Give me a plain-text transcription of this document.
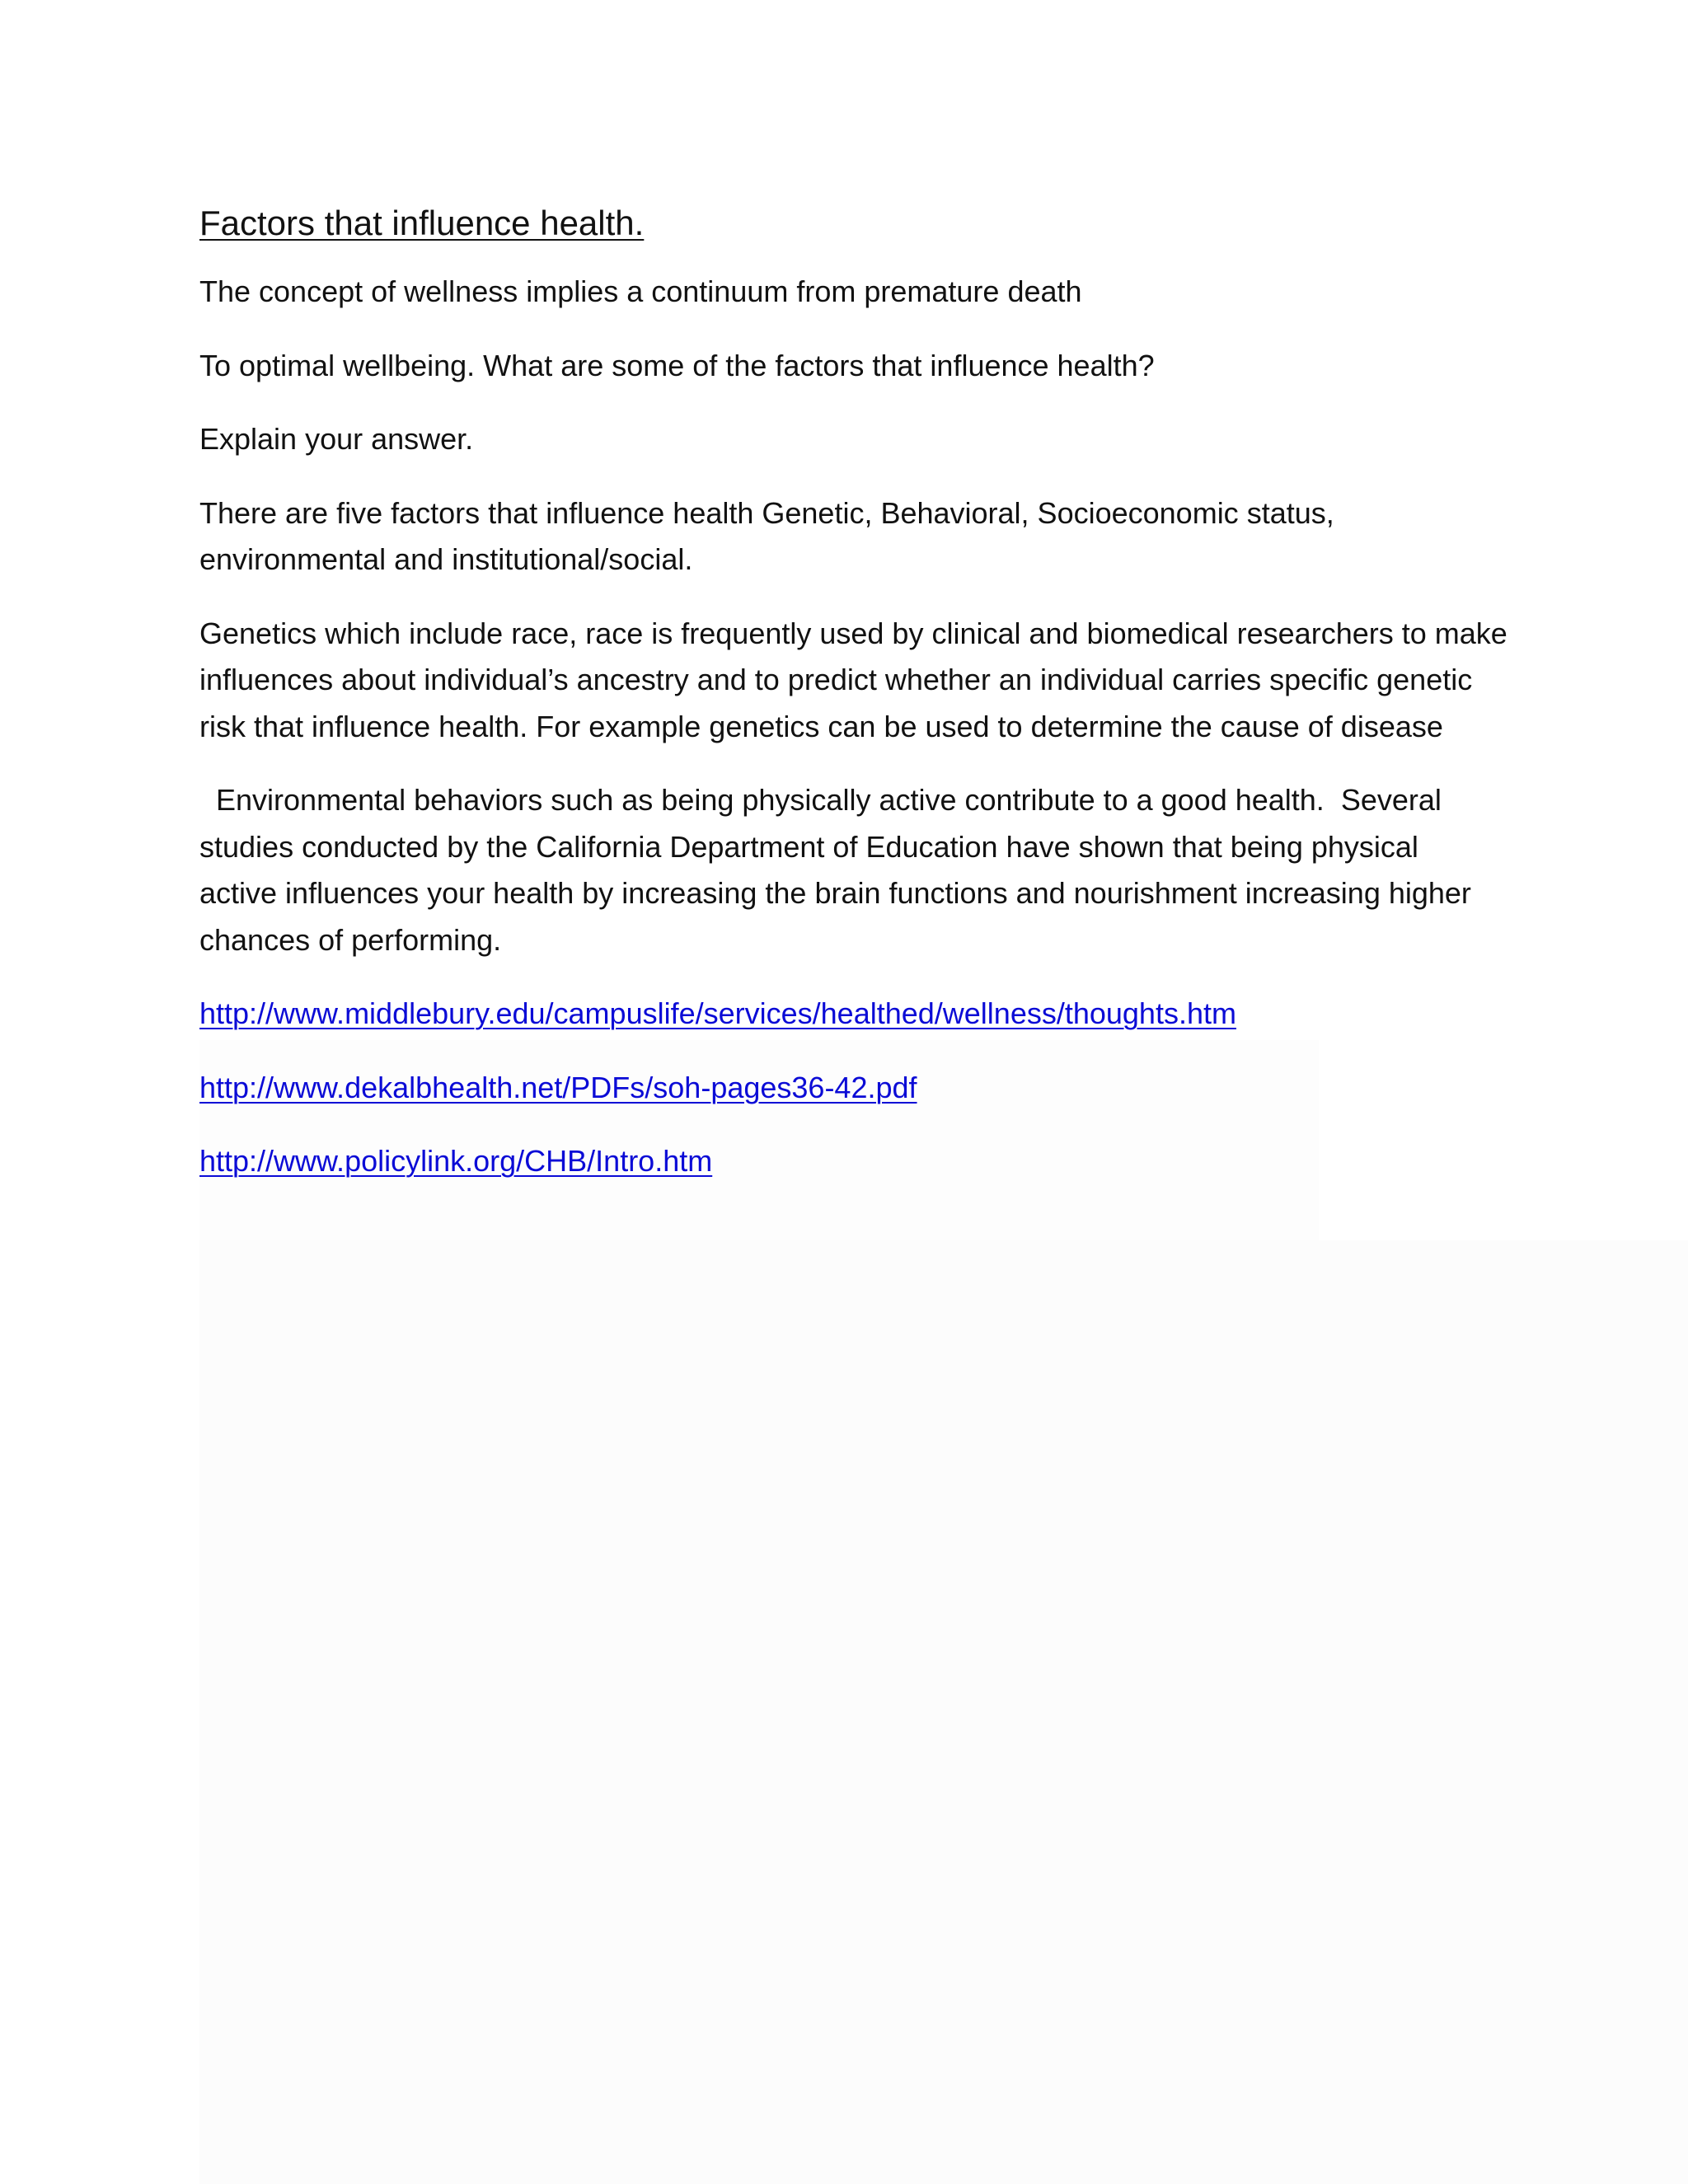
Factors that influence health.

The concept of wellness implies a continuum from premature death

To optimal wellbeing. What are some of the factors that influence health?

Explain your answer.

There are five factors that influence health Genetic, Behavioral, Socioeconomic status, environmental and institutional/social.

Genetics which include race, race is frequently used by clinical and biomedical researchers to make influences about individual’s ancestry and to predict whether an individual carries specific genetic risk that influence health. For example genetics can be used to determine the cause of disease

Environmental behaviors such as being physically active contribute to a good health.  Several studies conducted by the California Department of Education have shown that being physical active influences your health by increasing the brain functions and nourishment increasing higher chances of performing.

http://www.middlebury.edu/campuslife/services/healthed/wellness/thoughts.htm
http://www.dekalbhealth.net/PDFs/soh-pages36-42.pdf
http://www.policylink.org/CHB/Intro.htm
